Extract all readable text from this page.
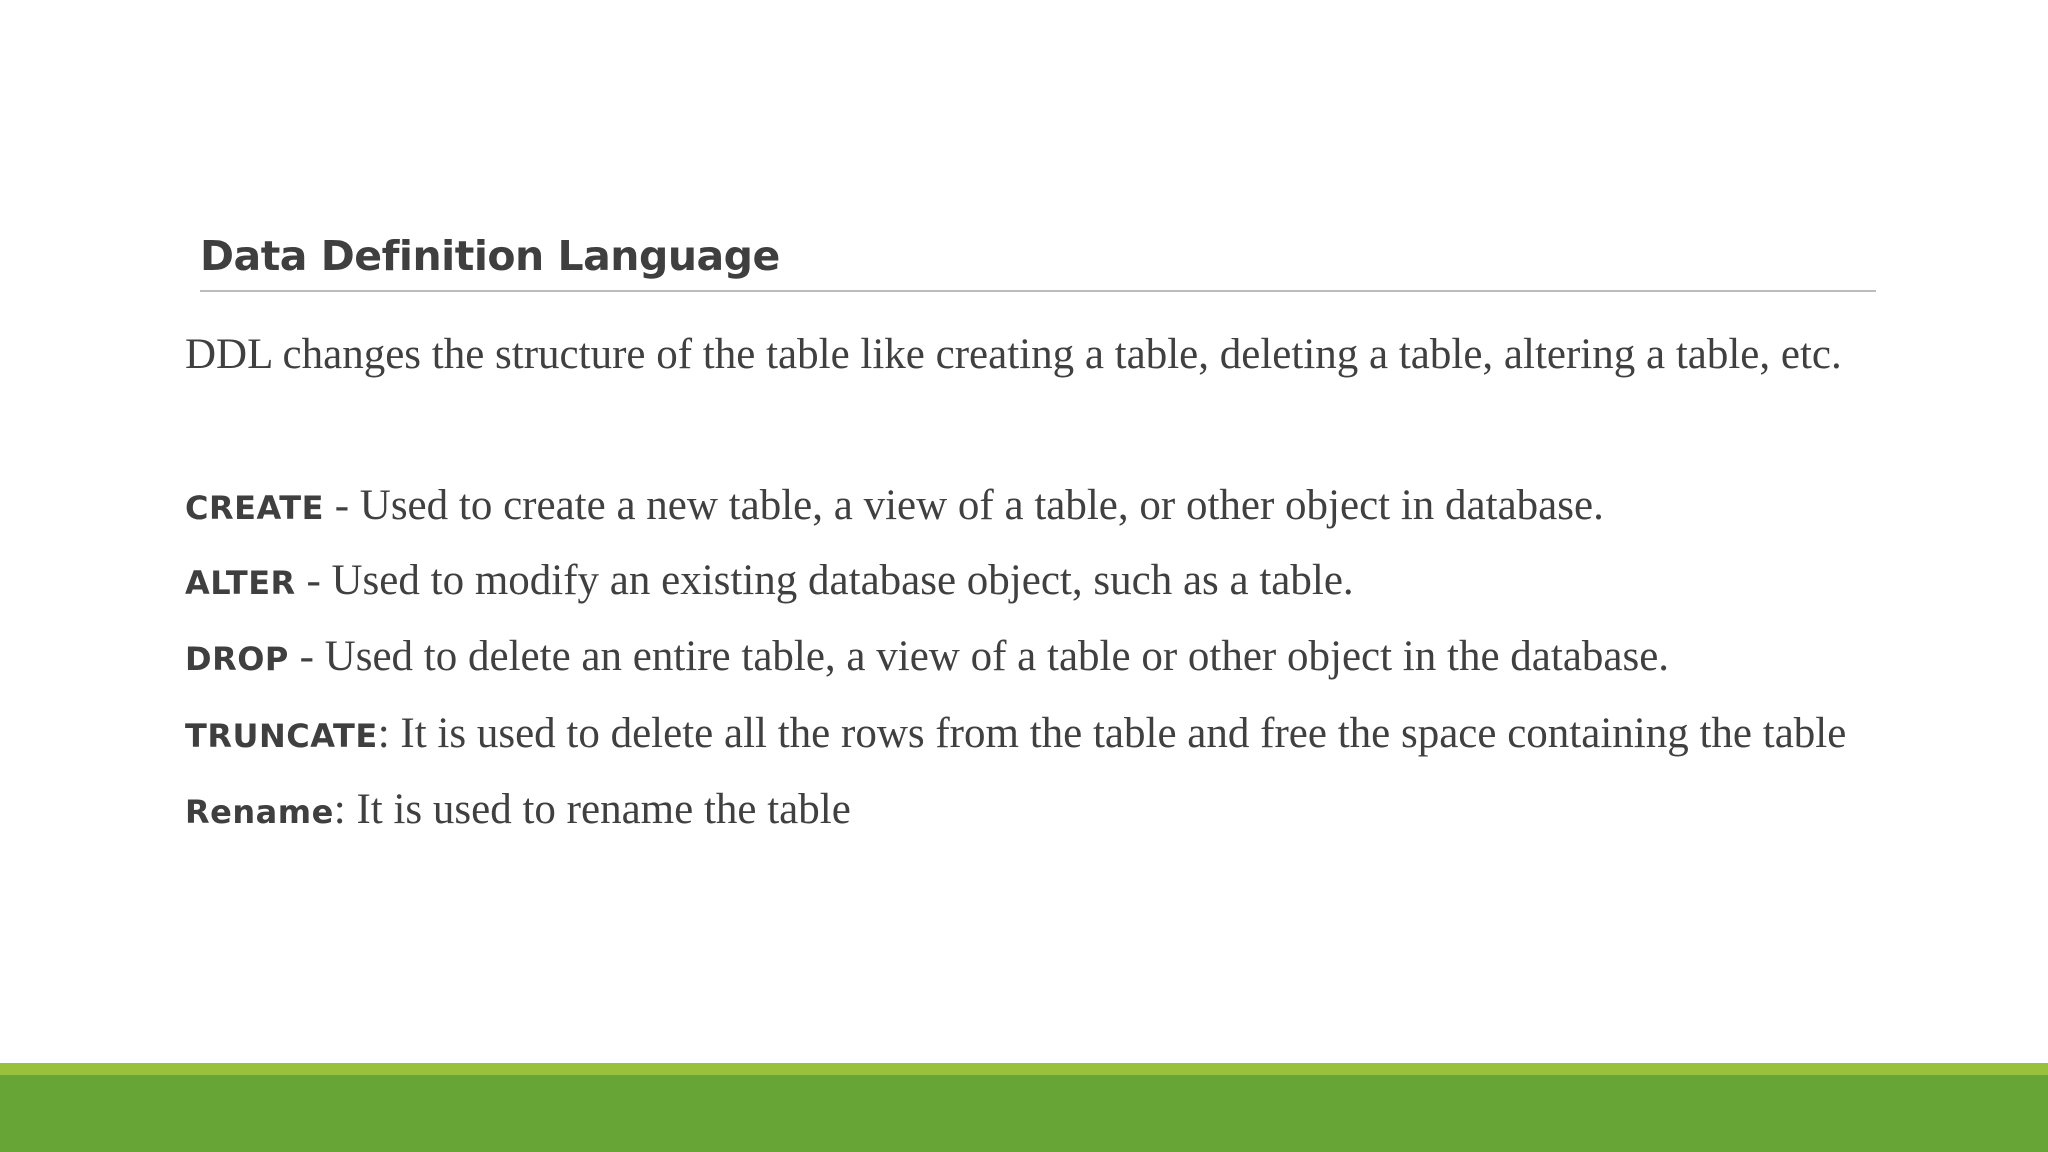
Data Definition Language

DDL changes the structure of the table like creating a table, deleting a table, altering a table, etc.

CREATE - Used to create a new table, a view of a table, or other object in database.

ALTER - Used to modify an existing database object, such as a table.

DROP - Used to delete an entire table, a view of a table or other object in the database.

TRUNCATE: It is used to delete all the rows from the table and free the space containing the table

Rename: It is used to rename the table
